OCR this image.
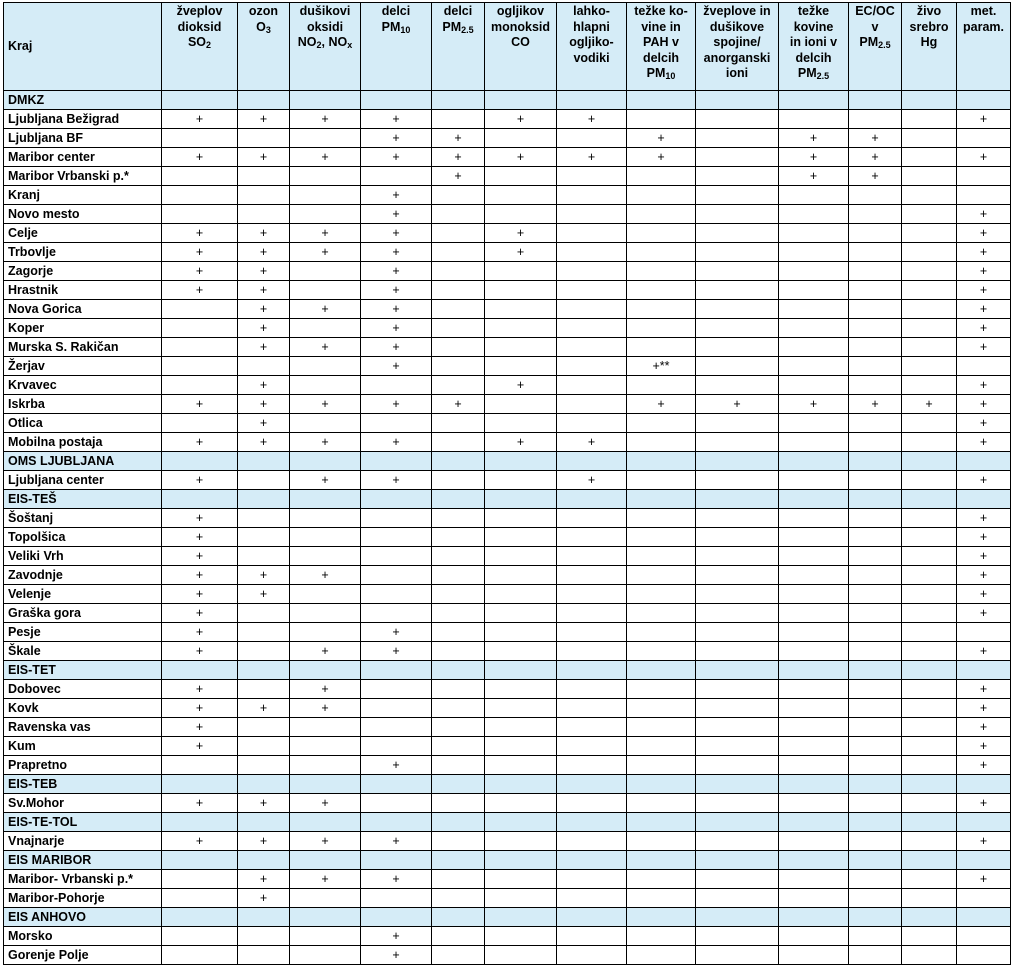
Kraj	žveplov
dioksid
$SO_2$	ozon
$O_3$	dušikovi
oksidi
$NO_2$, $NO_x$	delci
$PM_{10}$	delci
$PM_{2.5}$	ogljikov
monoksid
CO	lahko-
hlapni
ogljiko-
vodiki	težke ko-
vine in
PAH v
delcih
$PM_{10}$	žveplove in
dušikove
spojine/
anorganski
ioni	težke
kovine
in ioni v
delcih
$PM_{2.5}$	EC/OC
v
$PM_{2.5}$	živo
srebro
Hg	met.
param.
DMKZ													
Ljubljana Bežigrad	+	+	+	+		+	+						+
Ljubljana BF				+	+			+		+	+		
Maribor center	+	+	+	+	+	+	+	+		+	+		+
Maribor Vrbanski p.*					+					+	+		
Kranj				+									
Novo mesto				+									+
Celje	+	+	+	+		+							+
Trbovlje	+	+	+	+		+							+
Zagorje	+	+		+									+
Hrastnik	+	+		+									+
Nova Gorica		+	+	+									+
Koper		+		+									+
Murska S. Rakičan		+	+	+									+
Žerjav				+				+**					
Krvavec		+				+							+
Iskrba	+	+	+	+	+			+	+	+	+	+	+
Otlica		+											+
Mobilna postaja	+	+	+	+		+	+						+
OMS LJUBLJANA													
Ljubljana center	+		+	+			+						+
EIS-TEŠ													
Šoštanj	+												+
Topolšica	+												+
Veliki Vrh	+												+
Zavodnje	+	+	+										+
Velenje	+	+											+
Graška gora	+												+
Pesje	+			+									
Škale	+		+	+									+
EIS-TET													
Dobovec	+		+										+
Kovk	+	+	+										+
Ravenska vas	+												+
Kum	+												+
Prapretno				+									+
EIS-TEB													
Sv.Mohor	+	+	+										+
EIS-TE-TOL													
Vnajnarje	+	+	+	+									+
EIS MARIBOR													
Maribor- Vrbanski p.*		+	+	+									+
Maribor-Pohorje		+											
EIS ANHOVO													
Morsko				+									
Gorenje Polje				+									
